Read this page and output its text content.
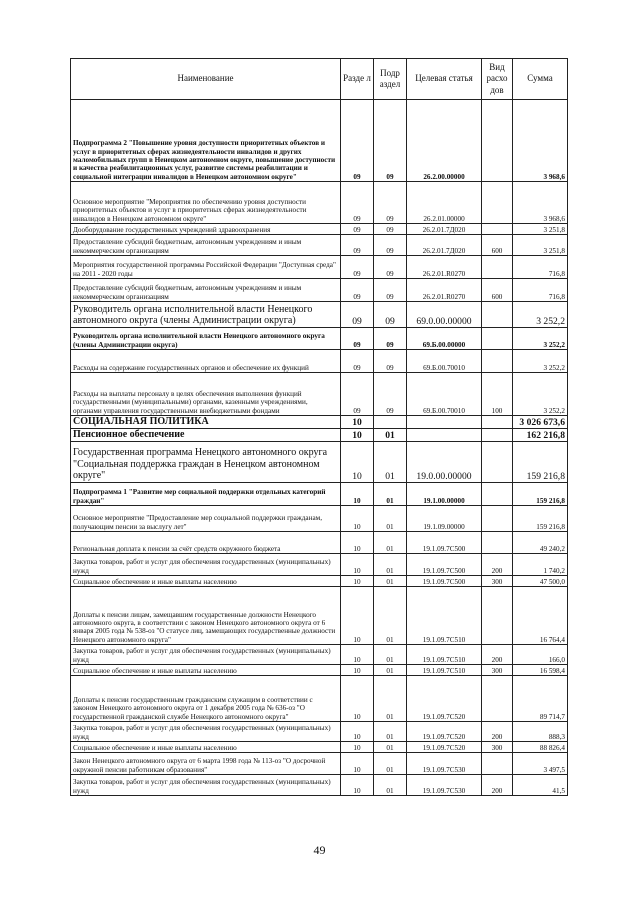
Наименование	Разде л	Подр аздел	Целевая статья	Вид расхо дов	Сумма
Подпрограмма 2 "Повышение уровня доступности приоритетных объектов и услуг в приоритетных сферах жизнедеятельности инвалидов и других маломобильных групп в Ненецком автономном округе, повышение доступности и качества реабилитационных услуг, развитие системы реабилитации и социальной интеграции инвалидов в Ненецком автономном округе"	09	09	26.2.00.00000		3 968,6
Основное мероприятие "Мероприятия по обеспечению уровня доступности приоритетных объектов и услуг в приоритетных сферах жизнедеятельности инвалидов в Ненецком автономном округе"	09	09	26.2.01.00000		3 968,6
Дооборудование государственных учреждений здравоохранения	09	09	26.2.01.7Д020		3 251,8
Предоставление субсидий бюджетным, автономным учреждениям и иным некоммерческим организациям	09	09	26.2.01.7Д020	600	3 251,8
Мероприятия государственной программы Российской Федерации "Доступная среда" на 2011 - 2020 годы	09	09	26.2.01.R0270		716,8
Предоставление субсидий бюджетным, автономным учреждениям и иным некоммерческим организациям	09	09	26.2.01.R0270	600	716,8
Руководитель органа исполнительной власти Ненецкого автономного округа (члены Администрации округа)	09	09	69.0.00.00000		3 252,2
Руководитель органа исполнительной власти Ненецкого автономного округа (члены Администрации округа)	09	09	69.Б.00.00000		3 252,2
Расходы на содержание государственных органов и обеспечение их функций	09	09	69.Б.00.70010		3 252,2
Расходы на выплаты персоналу в целях обеспечения выполнения функций государственными (муниципальными) органами, казенными учреждениями, органами управления государственными внебюджетными фондами	09	09	69.Б.00.70010	100	3 252,2
СОЦИАЛЬНАЯ ПОЛИТИКА	10				3 026 673,6
Пенсионное обеспечение	10	01			162 216,8
Государственная программа Ненецкого автономного округа "Социальная поддержка граждан в Ненецком автономном округе"	10	01	19.0.00.00000		159 216,8
Подпрограмма 1 "Развитие мер социальной поддержки отдельных категорий граждан"	10	01	19.1.00.00000		159 216,8
Основное мероприятие "Предоставление мер социальной поддержки гражданам, получающим пенсии за выслугу лет"	10	01	19.1.09.00000		159 216,8
Региональная доплата к пенсии за счёт средств окружного бюджета	10	01	19.1.09.7С500		49 240,2
Закупка товаров, работ и услуг для обеспечения государственных (муниципальных) нужд	10	01	19.1.09.7С500	200	1 740,2
Социальное обеспечение и иные выплаты населению	10	01	19.1.09.7С500	300	47 500,0
Доплаты к пенсии лицам, замещавшим государственные должности Ненецкого автономного округа, в соответствии с законом Ненецкого автономного округа от 6 января 2005 года № 538-оз "О статусе лиц, замещающих государственные должности Ненецкого автономного округа"	10	01	19.1.09.7С510		16 764,4
Закупка товаров, работ и услуг для обеспечения государственных (муниципальных) нужд	10	01	19.1.09.7С510	200	166,0
Социальное обеспечение и иные выплаты населению	10	01	19.1.09.7С510	300	16 598,4
Доплаты к пенсии государственным гражданским служащим в соответствии с законом Ненецкого автономного округа от 1 декабря 2005 года № 636-оз "О государственной гражданской службе Ненецкого автономного округа"	10	01	19.1.09.7С520		89 714,7
Закупка товаров, работ и услуг для обеспечения государственных (муниципальных) нужд	10	01	19.1.09.7С520	200	888,3
Социальное обеспечение и иные выплаты населению	10	01	19.1.09.7С520	300	88 826,4
Закон Ненецкого автономного округа от 6 марта 1998 года № 113-оз "О досрочной окружной пенсии работникам образования"	10	01	19.1.09.7С530		3 497,5
Закупка товаров, работ и услуг для обеспечения государственных (муниципальных) нужд	10	01	19.1.09.7С530	200	41,5
49
